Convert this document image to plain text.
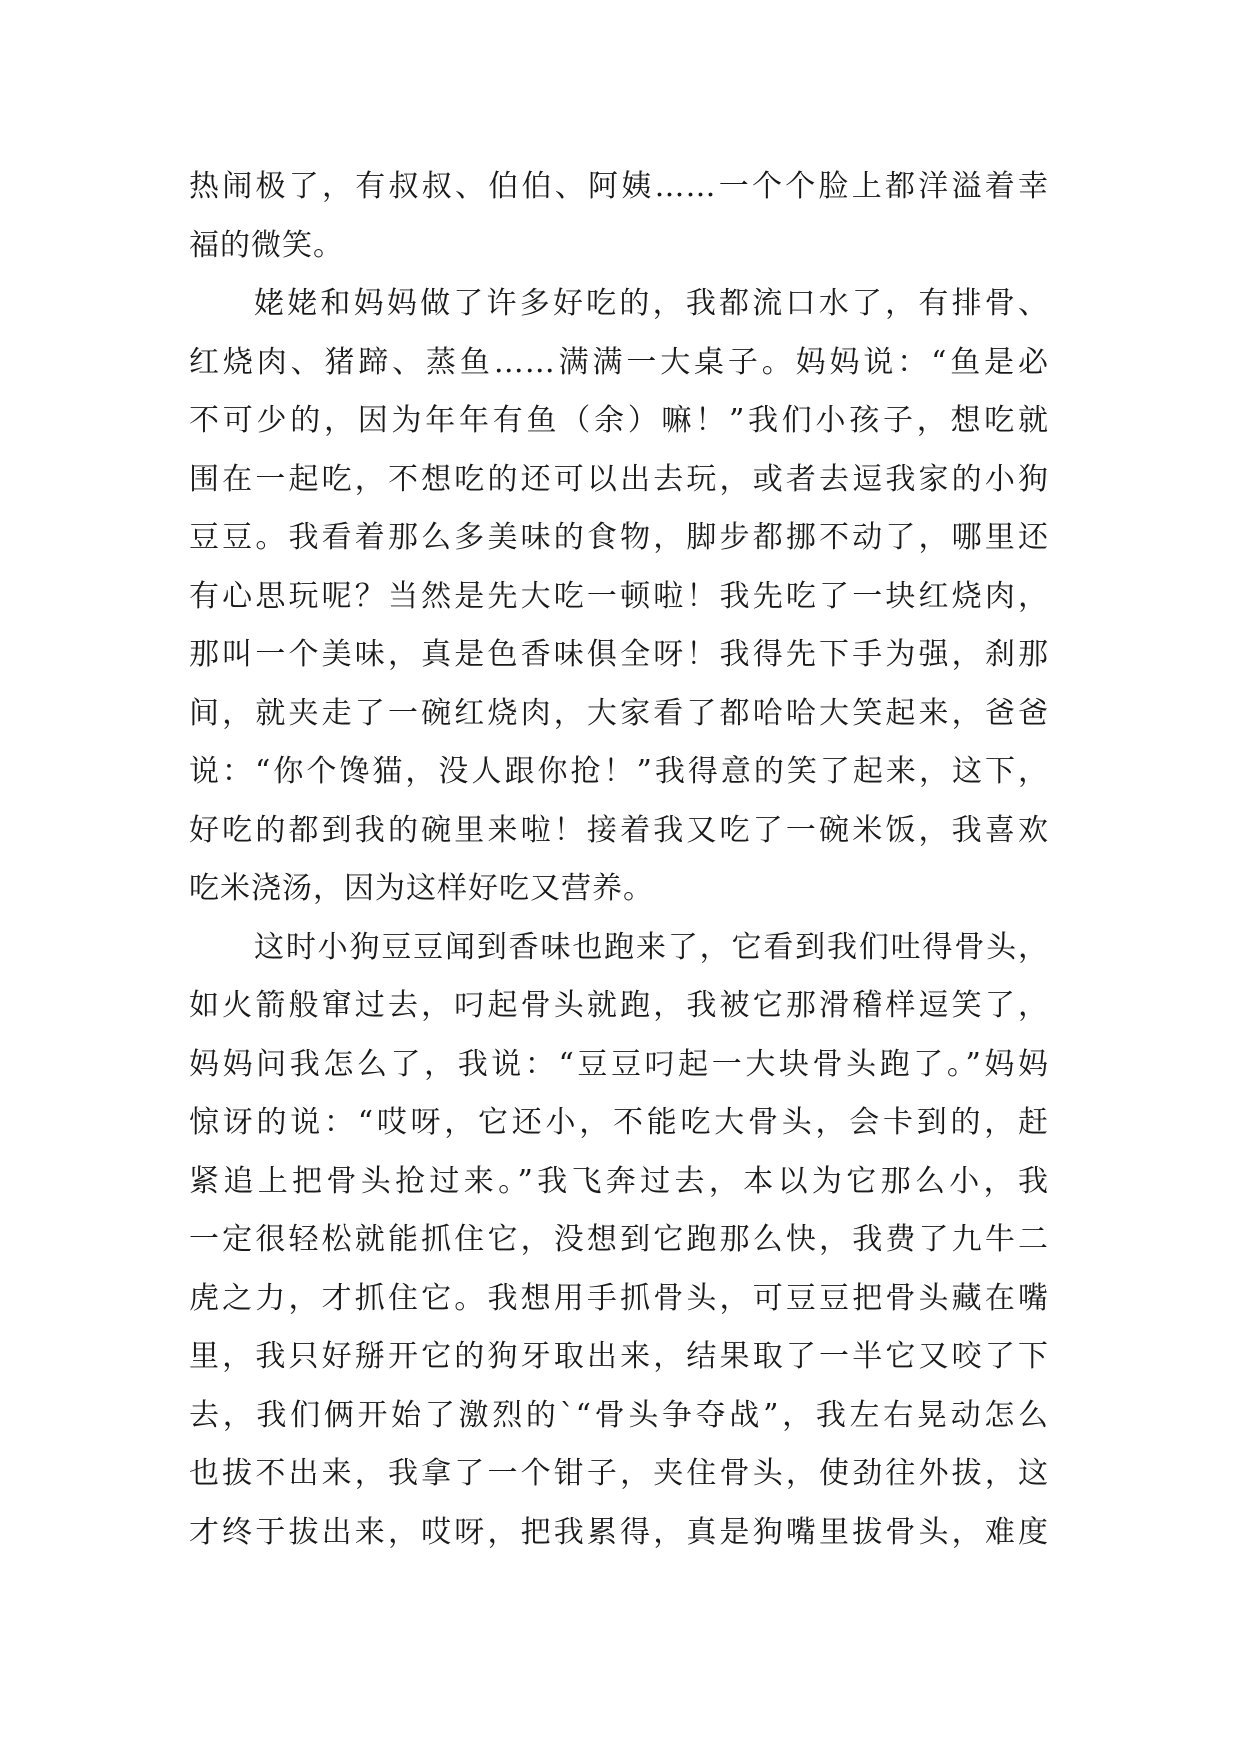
热闹极了，有叔叔、伯伯、阿姨……一个个脸上都洋溢着幸
福的微笑。
姥姥和妈妈做了许多好吃的，我都流口水了，有排骨、
红烧肉、猪蹄、蒸鱼……满满一大桌子。妈妈说：“鱼是必
不可少的，因为年年有鱼（余）嘛！”我们小孩子，想吃就
围在一起吃，不想吃的还可以出去玩，或者去逗我家的小狗
豆豆。我看着那么多美味的食物，脚步都挪不动了，哪里还
有心思玩呢？当然是先大吃一顿啦！我先吃了一块红烧肉，
那叫一个美味，真是色香味俱全呀！我得先下手为强，刹那
间，就夹走了一碗红烧肉，大家看了都哈哈大笑起来，爸爸
说：“你个馋猫，没人跟你抢！”我得意的笑了起来，这下，
好吃的都到我的碗里来啦！接着我又吃了一碗米饭，我喜欢
吃米浇汤，因为这样好吃又营养。
这时小狗豆豆闻到香味也跑来了，它看到我们吐得骨头，
如火箭般窜过去，叼起骨头就跑，我被它那滑稽样逗笑了，
妈妈问我怎么了，我说：“豆豆叼起一大块骨头跑了。”妈妈
惊讶的说：“哎呀，它还小，不能吃大骨头，会卡到的，赶
紧追上把骨头抢过来。”我飞奔过去，本以为它那么小，我
一定很轻松就能抓住它，没想到它跑那么快，我费了九牛二
虎之力，才抓住它。我想用手抓骨头，可豆豆把骨头藏在嘴
里，我只好掰开它的狗牙取出来，结果取了一半它又咬了下
去，我们俩开始了激烈的`“骨头争夺战”，我左右晃动怎么
也拔不出来，我拿了一个钳子，夹住骨头，使劲往外拔，这
才终于拔出来，哎呀，把我累得，真是狗嘴里拔骨头，难度
